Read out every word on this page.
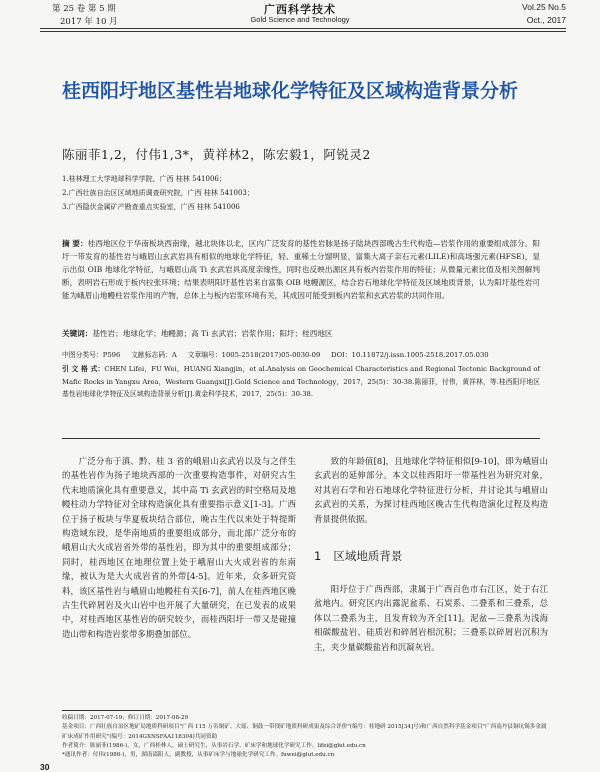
第 25 卷 第 5 期
2017 年 10 月
广西科学技术
Gold Science and Technology
Vol.25 No.5
Oct., 2017
桂西阳圩地区基性岩地球化学特征及区域构造背景分析
陈丽菲1,2，付伟1,3*，黄祥林2，陈宏毅1，阿锐灵2
1.桂林理工大学地球科学学院，广西 桂林 541006；
2.广西壮族自治区区域地质调查研究院，广西 桂林 541003；
3.广西隐伏金属矿产勘查重点实验室，广西 桂林 541006
摘 要：桂西地区位于华南板块西南缘，越北块体以北，区内广泛发育的基性岩脉是扬子陆块西部晚古生代构造—岩浆作用的重要组成部分。阳圩一带发育的基性岩与峨眉山玄武岩具有相似的地球化学特征，轻、重稀土分馏明显，富集大离子亲石元素(LILE)和高场强元素(HFSE)，显示出似 OIB 地球化学特征，与峨眉山高 Ti 玄武岩具高度亲缘性，同时也反映出源区具有板内岩浆作用的特征；从微量元素比值及相关图解判断，表明岩石形成于板内拉张环境；结果表明阳圩基性岩来自富集 OIB 地幔源区，结合岩石地球化学特征及区域地质背景，认为阳圩基性岩可能为峨眉山地幔柱岩浆作用的产物，总体上与板内岩浆环境有关，其成因可能受到板内岩浆和玄武岩浆的共同作用。
关键词：基性岩；地球化学；地幔源；高 Ti 玄武岩；岩浆作用；阳圩；桂西地区
中图分类号：P596 文献标志码：A 文章编号：1005-2518(2017)05-0030-09 DOI：10.11872/j.issn.1005-2518.2017.05.030
引 文 格 式：CHEN Lifei，FU Wei，HUANG Xiangjin，et al.Analysis on Geochemical Characteristics and Regional Tectonic Background of Mafic Rocks in Yangxu Area，Western Guangxi[J].Gold Science and Technology，2017，25(5)：30-38.陈丽菲，付伟，黄祥林，等.桂西阳圩地区基性岩地球化学特征及区域构造背景分析[J].黄金科学技术，2017，25(5)：30-38.
广泛分布于滇、黔、桂 3 省的峨眉山玄武岩以及与之伴生的基性岩作为扬子地块西部的一次重要构造事件，对研究古生代末地质演化具有重要意义，其中高 Ti 玄武岩的时空格局及地幔柱动力学特征对全球构造演化具有重要指示意义[1-3]。广西位于扬子板块与华夏板块结合部位，晚古生代以来处于特提斯构造域东段，是华南地质的重要组成部分，而北部广泛分布的峨眉山大火成岩省外带的基性岩，即为其中的重要组成部分；同时，桂西地区在地理位置上处于峨眉山大火成岩省的东南缘，被认为是大火成岩省的外带[4-5]。近年来，众多研究资料，该区基性岩与峨眉山地幔柱有关[6-7]，前人在桂西地区晚古生代碎屑岩及火山岩中也开展了大量研究，在已发表的成果中，对桂西地区基性岩的研究较少，而桂西阳圩一带又是碰撞造山带和构造岩浆带多期叠加部位。
致的年龄值[8]，且地球化学特征相似[9-10]，即为峨眉山玄武岩的延伸部分。本文以桂西阳圩一带基性岩为研究对象，对其岩石学和岩石地球化学特征进行分析，并讨论其与峨眉山玄武岩的关系，为探讨桂西地区晚古生代构造演化过程及构造背景提供依据。
1 区域地质背景
阳圩位于广西西部，隶属于广西百色市右江区，处于右江盆地内。研究区内出露泥盆系、石炭系、二叠系和三叠系，总体以二叠系为主，且发育较为齐全[11]。泥盆—三叠系为浅海相碳酸盐岩、硅质岩和碎屑岩相沉积；三叠系以碎屑岩沉积为主，夹少量碳酸盐岩和沉凝灰岩。
收稿日期：2017-07-19；修订日期：2017-08-29
基金项目：广西壮族自治区地矿局地质科研项目"广西 115 万名铜矿、大瑶、铜鼓一带找矿地质科研成果及综合评价"(编号：桂地研 2015[34]号)和广西自然科学基金项目"广西南丹县铜坑锡多金属矿床成矿作用研究"(编号：2014GXNSFAA118304)共同资助
作者简介：陈丽菲(1986-)，女，广西桂林人，硕士研究生，从事岩石学、矿床学和地球化学研究工作。lifei@glut.edu.cn
*通讯作者：付伟(1980-)，男，湖南邵阳人，副教授，从事矿床学与地球化学研究工作。fuwei@glut.edu.cn
30
